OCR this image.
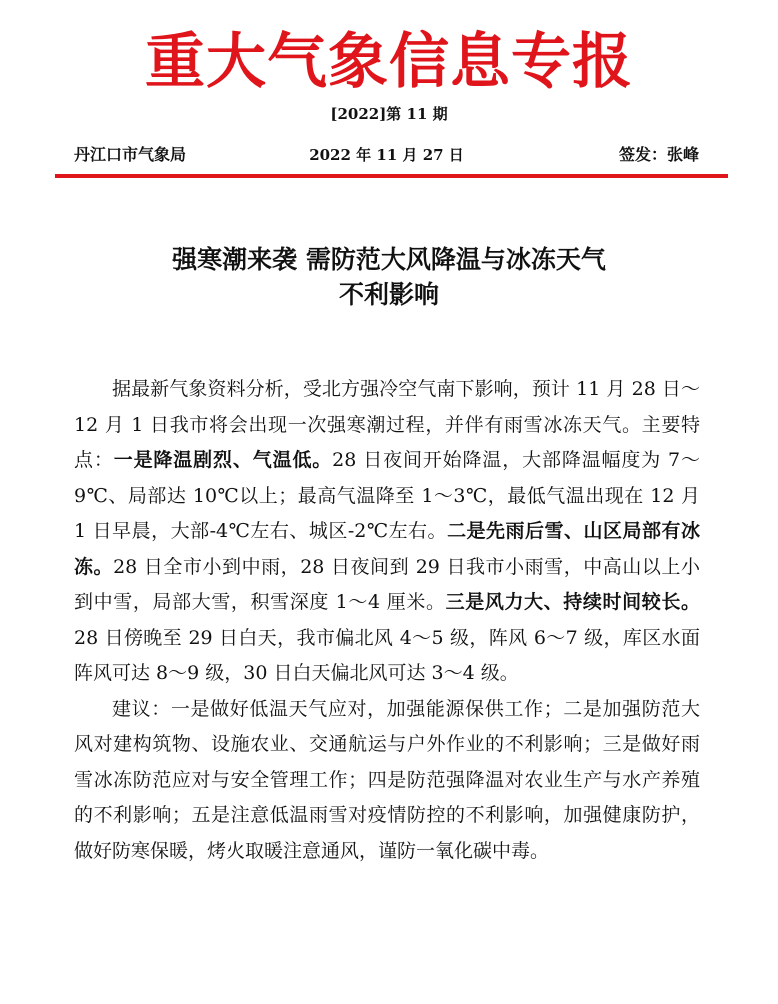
重大气象信息专报
[2022]第 11 期
2022 年 11 月 27 日
丹江口市气象局	签发：张峰
强寒潮来袭 需防范大风降温与冰冻天气
不利影响

据最新气象资料分析，受北方强冷空气南下影响，预计 11 月 28 日～12 月 1 日我市将会出现一次强寒潮过程，并伴有雨雪冰冻天气。主要特点：一是降温剧烈、气温低。28 日夜间开始降温，大部降温幅度为 7～9℃、局部达 10℃以上；最高气温降至 1～3℃，最低气温出现在 12 月 1 日早晨，大部-4℃左右、城区-2℃左右。二是先雨后雪、山区局部有冰冻。28 日全市小到中雨，28 日夜间到 29 日我市小雨雪，中高山以上小到中雪，局部大雪，积雪深度 1～4 厘米。三是风力大、持续时间较长。28 日傍晚至 29 日白天，我市偏北风 4～5 级，阵风 6～7 级，库区水面阵风可达 8～9 级，30 日白天偏北风可达 3～4 级。

建议：一是做好低温天气应对，加强能源保供工作；二是加强防范大风对建构筑物、设施农业、交通航运与户外作业的不利影响；三是做好雨雪冰冻防范应对与安全管理工作；四是防范强降温对农业生产与水产养殖的不利影响；五是注意低温雨雪对疫情防控的不利影响，加强健康防护，做好防寒保暖，烤火取暖注意通风，谨防一氧化碳中毒。
